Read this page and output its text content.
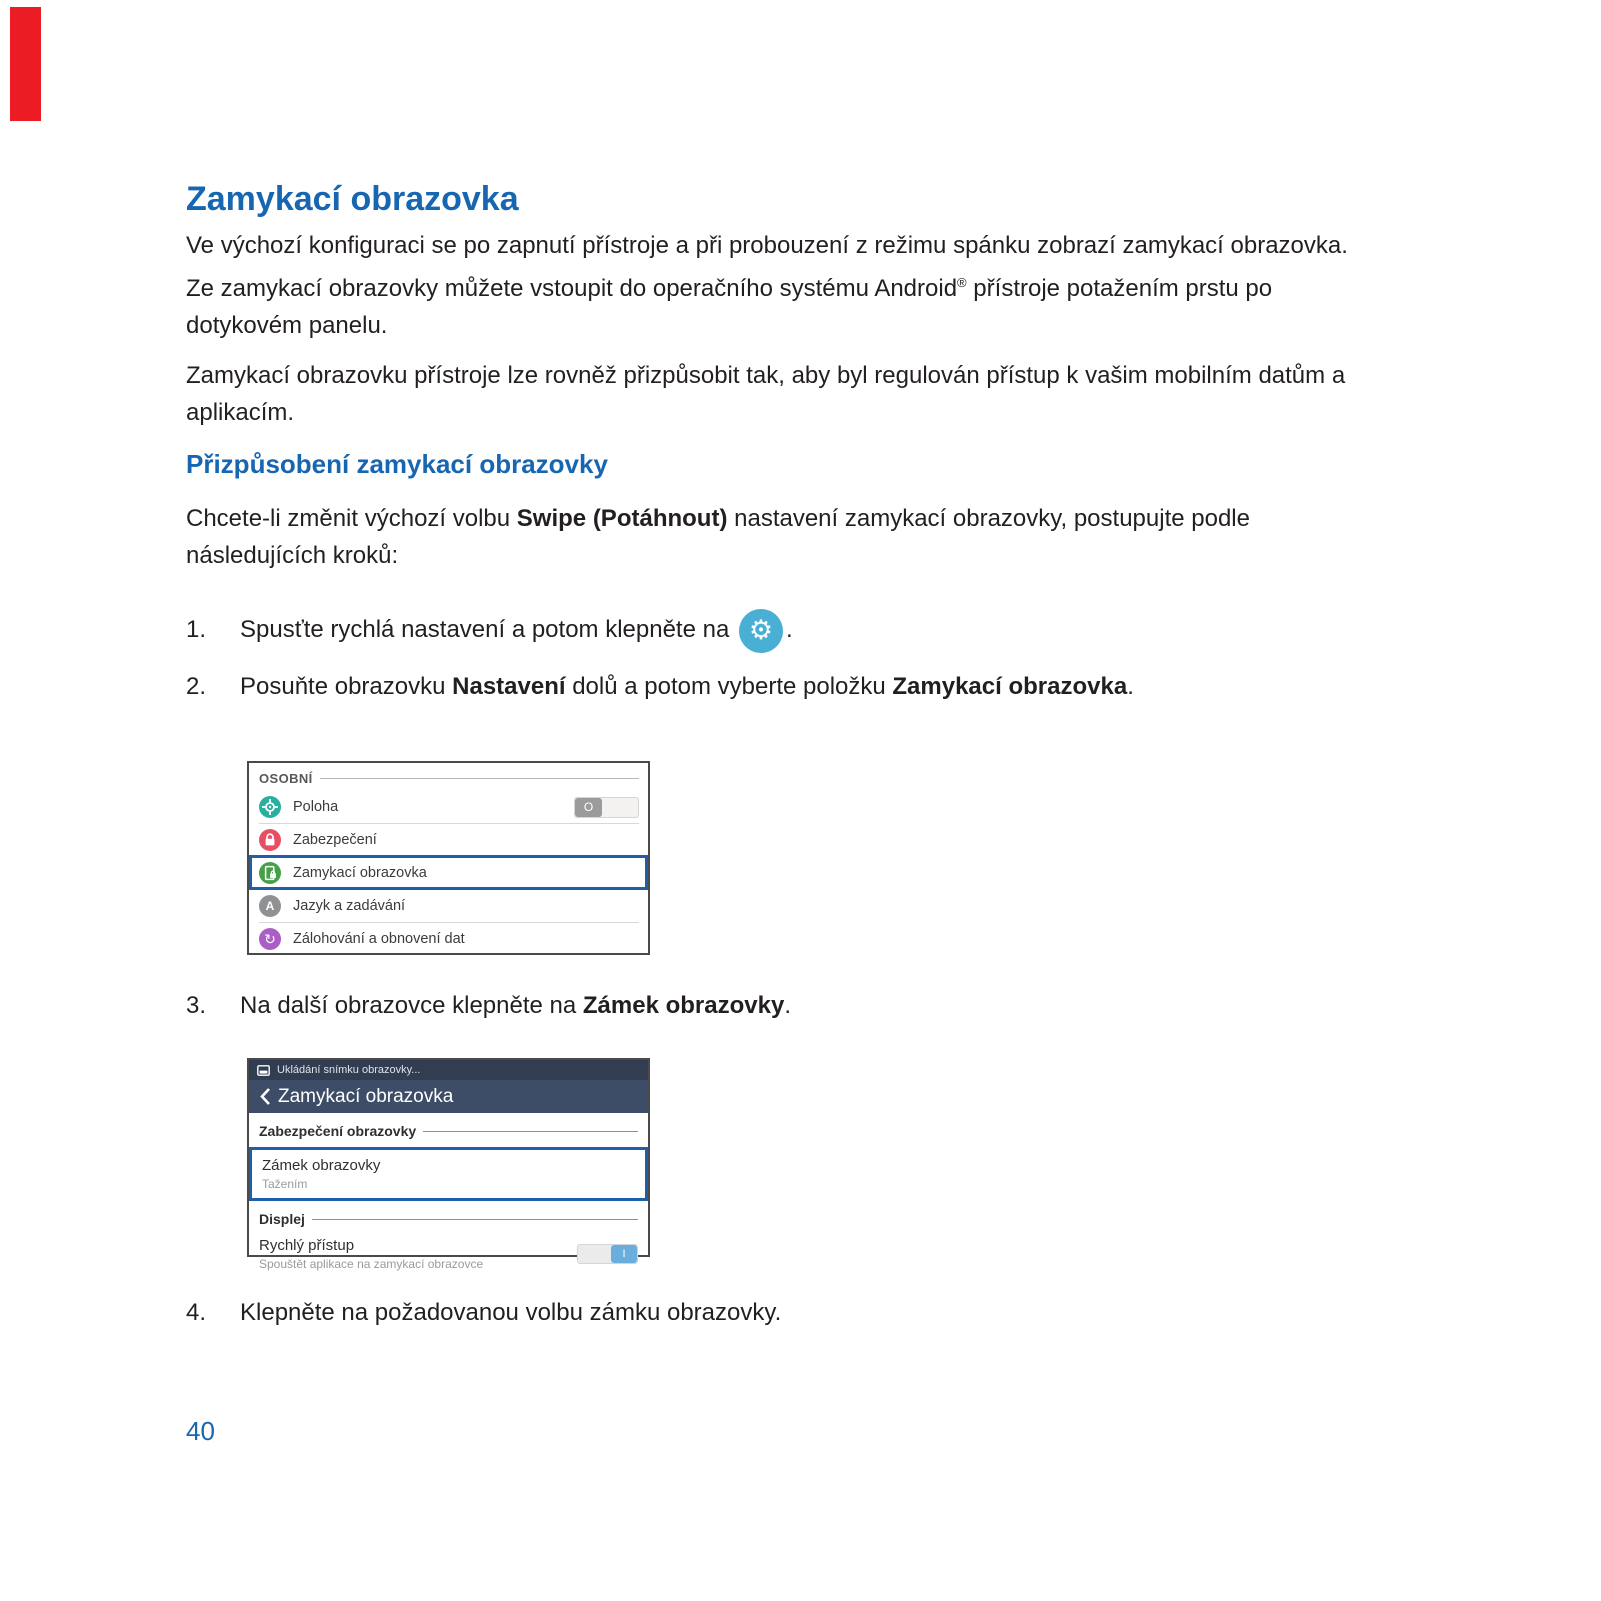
Zamykací obrazovka
Ve výchozí konfiguraci se po zapnutí přístroje a při probouzení z režimu spánku zobrazí zamykací obrazovka.
Ze zamykací obrazovky můžete vstoupit do operačního systému Android® přístroje potažením prstu po
dotykovém panelu.
Zamykací obrazovku přístroje lze rovněž přizpůsobit tak, aby byl regulován přístup k vašim mobilním datům a
aplikacím.
Přizpůsobení zamykací obrazovky
Chcete-li změnit výchozí volbu Swipe (Potáhnout) nastavení zamykací obrazovky, postupujte podle
následujících kroků:
1. Spusťte rychlá nastavení a potom klepněte na ⚙ .
2. Posuňte obrazovku Nastavení dolů a potom vyberte položku Zamykací obrazovka.
OSOBNÍ
Poloha	O
Zabezpečení
Zamykací obrazovka
A	Jazyk a zadávání
↻	Zálohování a obnovení dat
3. Na další obrazovce klepněte na Zámek obrazovky.
Ukládání snímku obrazovky...
Zamykací obrazovka
Zabezpečení obrazovky
Zámek obrazovky
Tažením
Displej
Rychlý přístup
Spouštět aplikace na zamykací obrazovce
I
4. Klepněte na požadovanou volbu zámku obrazovky.
40
